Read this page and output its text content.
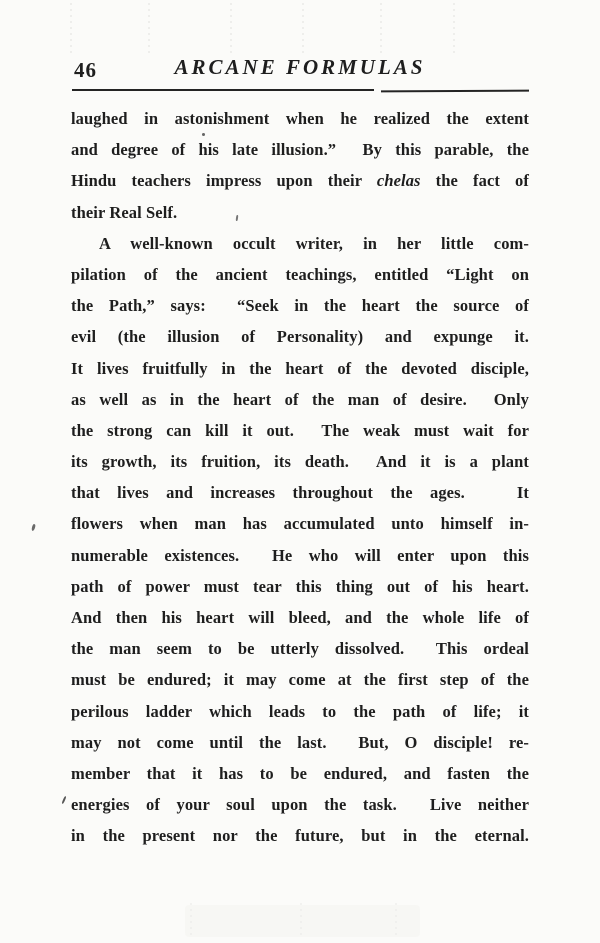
46	ARCANE FORMULAS
laughed in astonishment when he realized the extent
and degree of his late illusion.”  By this parable, the
Hindu teachers impress upon their chelas the fact of
their Real Self.
A well-known occult writer, in her little com-
pilation of the ancient teachings, entitled “Light on
the Path,” says:  “Seek in the heart the source of
evil (the illusion of Personality) and expunge it.
It lives fruitfully in the heart of the devoted disciple,
as well as in the heart of the man of desire.  Only
the strong can kill it out.  The weak must wait for
its growth, its fruition, its death.  And it is a plant
that lives and increases throughout the ages.   It
flowers when man has accumulated unto himself in-
numerable existences.  He who will enter upon this
path of power must tear this thing out of his heart.
And then his heart will bleed, and the whole life of
the man seem to be utterly dissolved.  This ordeal
must be endured; it may come at the first step of the
perilous ladder which leads to the path of life; it
may not come until the last.  But, O disciple! re-
member that it has to be endured, and fasten the
energies of your soul upon the task.  Live neither
in the present nor the future, but in the eternal.
